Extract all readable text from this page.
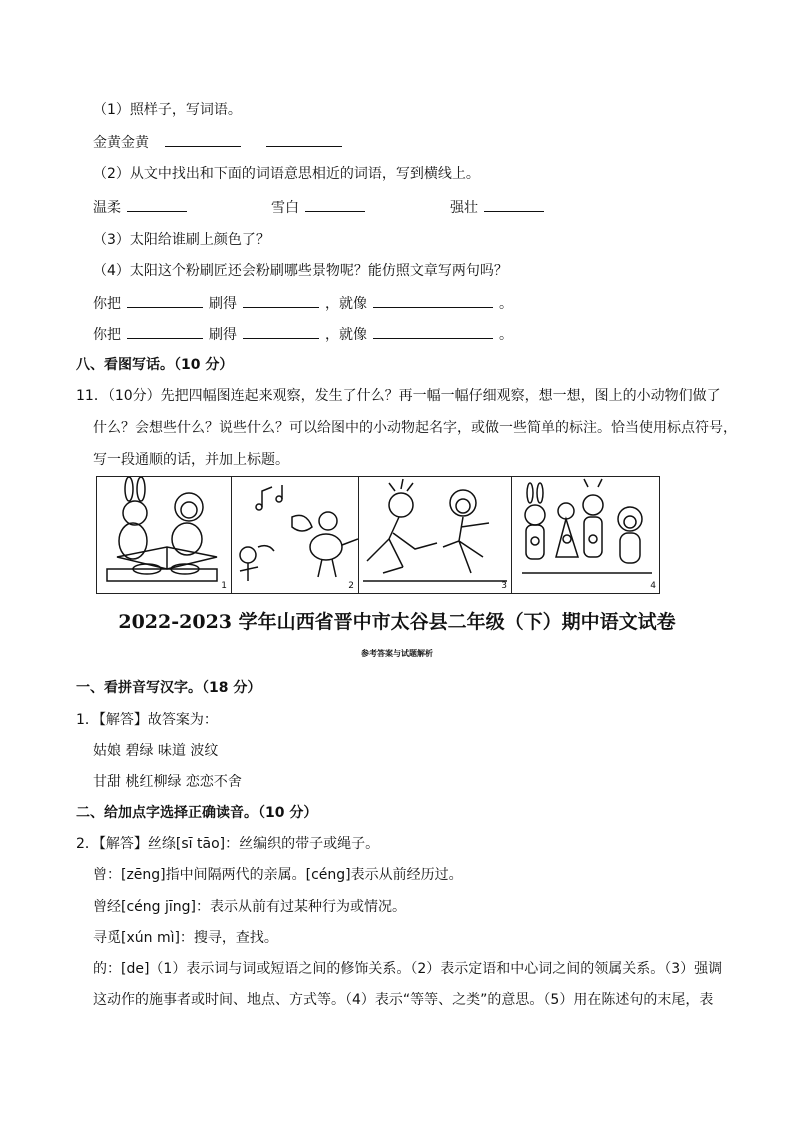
（1）照样子，写词语。
金黄金黄
（2）从文中找出和下面的词语意思相近的词语，写到横线上。
温柔	雪白	强壮
（3）太阳给谁刷上颜色了？
（4）太阳这个粉刷匠还会粉刷哪些景物呢？能仿照文章写两句吗？
你把	刷得	，就像	。
你把	刷得	，就像	。
八、看图写话。（10 分）
11．（10分）先把四幅图连起来观察，发生了什么？再一幅一幅仔细观察，想一想，图上的小动物们做了
什么？会想些什么？说些什么？可以给图中的小动物起名字，或做一些简单的标注。恰当使用标点符号，
写一段通顺的话，并加上标题。
1	2	3	4
2022-2023 学年山西省晋中市太谷县二年级（下）期中语文试卷
参考答案与试题解析
一、看拼音写汉字。（18 分）
1．【解答】故答案为：
姑娘 碧绿 味道 波纹
甘甜 桃红柳绿 恋恋不舍
二、给加点字选择正确读音。（10 分）
2．【解答】丝绦[sī tāo]：丝编织的带子或绳子。
曾：[zēng]指中间隔两代的亲属。[céng]表示从前经历过。
曾经[céng jīng]：表示从前有过某种行为或情况。
寻觅[xún mì]：搜寻，查找。
的：[de]（1）表示词与词或短语之间的修饰关系。（2）表示定语和中心词之间的领属关系。（3）强调
这动作的施事者或时间、地点、方式等。（4）表示“等等、之类”的意思。（5）用在陈述句的末尾，表
